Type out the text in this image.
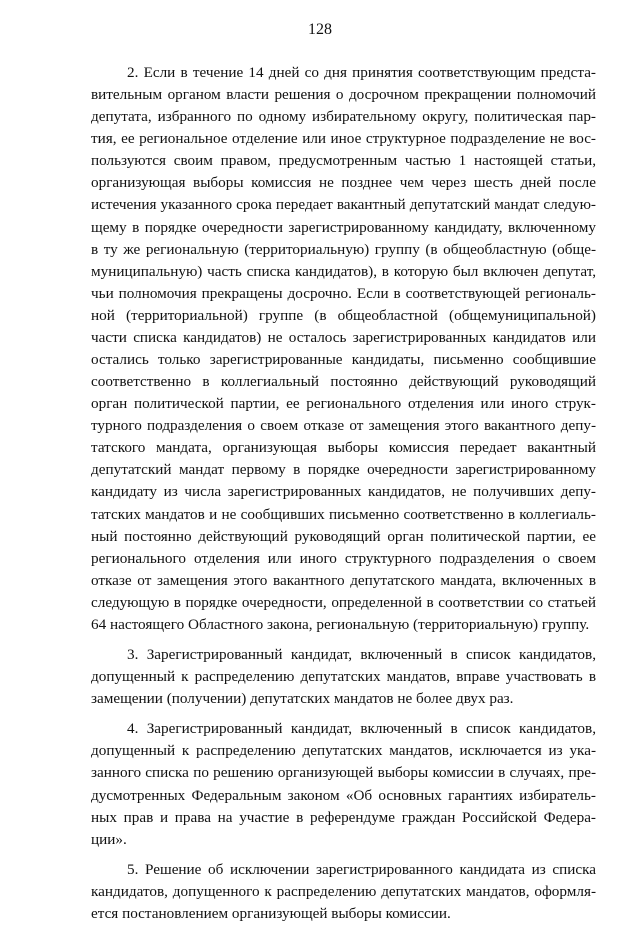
128
2. Если в течение 14 дней со дня принятия соответствующим предста-
вительным органом власти решения о досрочном прекращении полномочий
депутата, избранного по одному избирательному округу, политическая пар-
тия, ее региональное отделение или иное структурное подразделение не вос-
пользуются своим правом, предусмотренным частью 1 настоящей статьи,
организующая выборы комиссия не позднее чем через шесть дней после
истечения указанного срока передает вакантный депутатский мандат следую-
щему в порядке очередности зарегистрированному кандидату, включенному
в ту же региональную (территориальную) группу (в общеобластную (обще-
муниципальную) часть списка кандидатов), в которую был включен депутат,
чьи полномочия прекращены досрочно. Если в соответствующей региональ-
ной (территориальной) группе (в общеобластной (общемуниципальной)
части списка кандидатов) не осталось зарегистрированных кандидатов или
остались только зарегистрированные кандидаты, письменно сообщившие
соответственно в коллегиальный постоянно действующий руководящий
орган политической партии, ее регионального отделения или иного струк-
турного подразделения о своем отказе от замещения этого вакантного депу-
татского мандата, организующая выборы комиссия передает вакантный
депутатский мандат первому в порядке очередности зарегистрированному
кандидату из числа зарегистрированных кандидатов, не получивших депу-
татских мандатов и не сообщивших письменно соответственно в коллегиаль-
ный постоянно действующий руководящий орган политической партии, ее
регионального отделения или иного структурного подразделения о своем
отказе от замещения этого вакантного депутатского мандата, включенных в
следующую в порядке очередности, определенной в соответствии со статьей
64 настоящего Областного закона, региональную (территориальную) группу.
3. Зарегистрированный кандидат, включенный в список кандидатов,
допущенный к распределению депутатских мандатов, вправе участвовать в
замещении (получении) депутатских мандатов не более двух раз.
4. Зарегистрированный кандидат, включенный в список кандидатов,
допущенный к распределению депутатских мандатов, исключается из ука-
занного списка по решению организующей выборы комиссии в случаях, пре-
дусмотренных Федеральным законом «Об основных гарантиях избиратель-
ных прав и права на участие в референдуме граждан Российской Федера-
ции».
5. Решение об исключении зарегистрированного кандидата из списка
кандидатов, допущенного к распределению депутатских мандатов, оформля-
ется постановлением организующей выборы комиссии.
